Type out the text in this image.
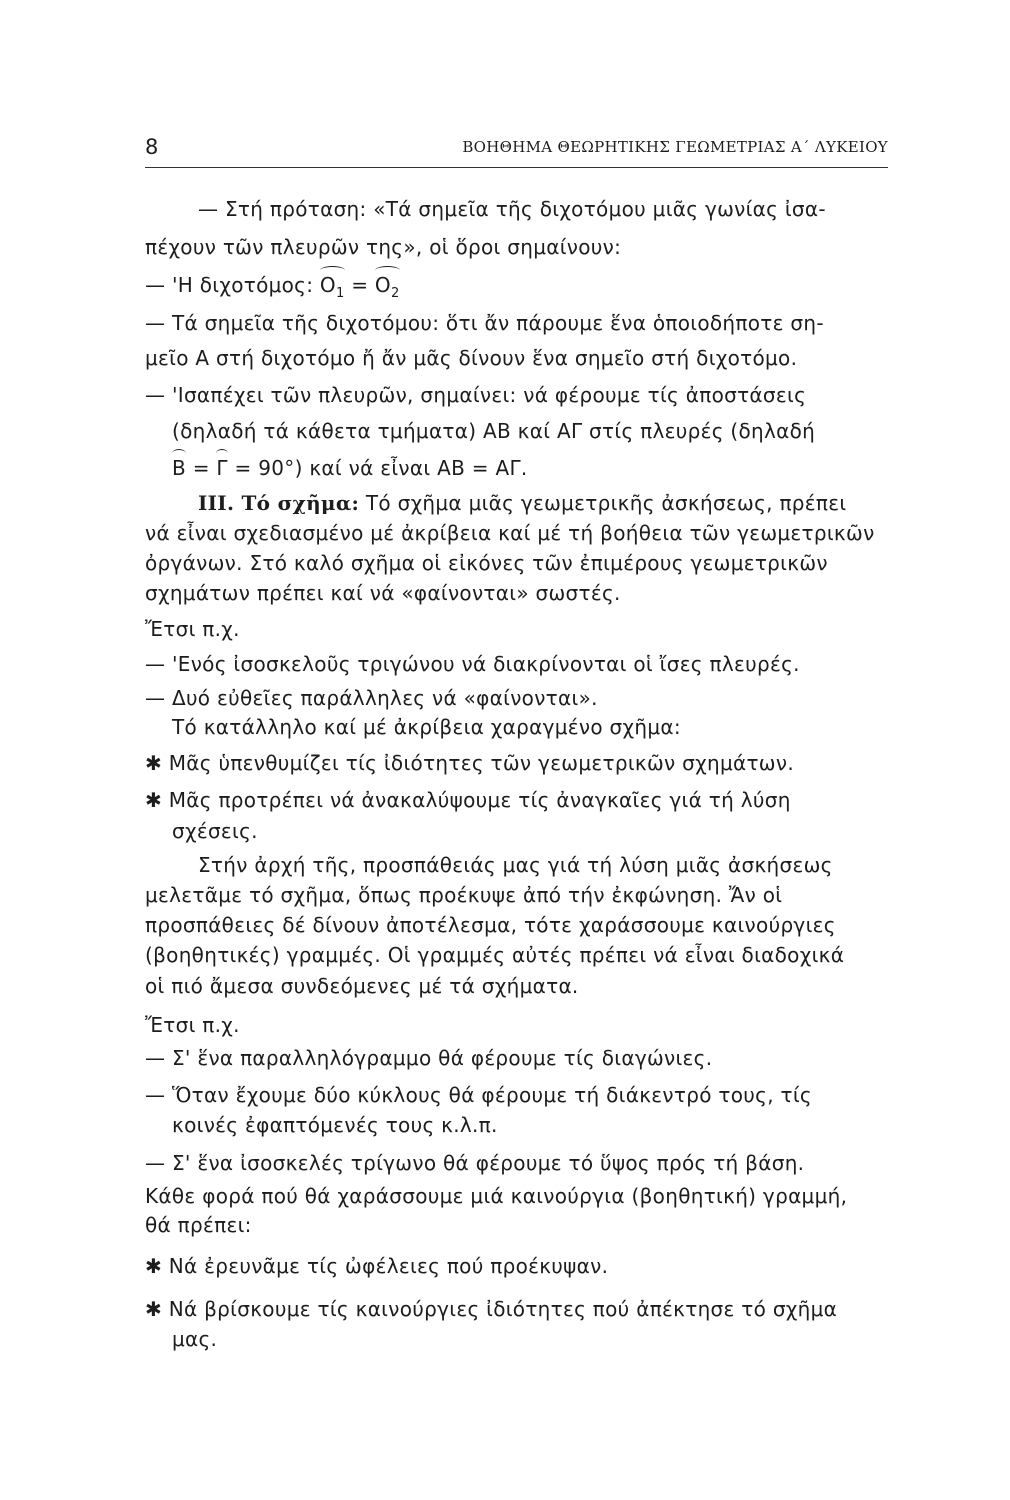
8	ΒΟΗΘΗΜΑ ΘΕΩΡΗΤΙΚΗΣ ΓΕΩΜΕΤΡΙΑΣ Α΄ ΛΥΚΕΙΟΥ
— Στή πρόταση: «Τά σημεῖα τῆς διχοτόμου μιᾶς γωνίας ἰσα-
πέχουν τῶν πλευρῶν της», οἱ ὅροι σημαίνουν:
— 'Η διχοτόμος: $O_1 = O_2$
— Τά σημεῖα τῆς διχοτόμου: ὅτι ἄν πάρουμε ἕνα ὁποιοδήποτε ση-
μεῖο Α στή διχοτόμο ἤ ἄν μᾶς δίνουν ἕνα σημεῖο στή διχοτόμο.
— 'Ισαπέχει τῶν πλευρῶν, σημαίνει: νά φέρουμε τίς ἀποστάσεις
(δηλαδή τά κάθετα τμήματα) ΑΒ καί ΑΓ στίς πλευρές (δηλαδή
B = Γ = 90°) καί νά εἶναι ΑΒ = ΑΓ.
III. Τό σχῆμα: Τό σχῆμα μιᾶς γεωμετρικῆς ἀσκήσεως, πρέπει
νά εἶναι σχεδιασμένο μέ ἀκρίβεια καί μέ τή βοήθεια τῶν γεωμετρικῶν
ὀργάνων. Στό καλό σχῆμα οἱ εἰκόνες τῶν ἐπιμέρους γεωμετρικῶν
σχημάτων πρέπει καί νά «φαίνονται» σωστές.
Ἔτσι π.χ.
— 'Ενός ἰσοσκελοῦς τριγώνου νά διακρίνονται οἱ ἴσες πλευρές.
— Δυό εὐθεῖες παράλληλες νά «φαίνονται».
Τό κατάλληλο καί μέ ἀκρίβεια χαραγμένο σχῆμα:
✱ Μᾶς ὑπενθυμίζει τίς ἰδιότητες τῶν γεωμετρικῶν σχημάτων.
✱ Μᾶς προτρέπει νά ἀνακαλύψουμε τίς ἀναγκαῖες γιά τή λύση
σχέσεις.
Στήν ἀρχή τῆς, προσπάθειάς μας γιά τή λύση μιᾶς ἀσκήσεως
μελετᾶμε τό σχῆμα, ὅπως προέκυψε ἀπό τήν ἐκφώνηση. Ἄν οἱ
προσπάθειες δέ δίνουν ἀποτέλεσμα, τότε χαράσσουμε καινούργιες
(βοηθητικές) γραμμές. Οἱ γραμμές αὐτές πρέπει νά εἶναι διαδοχικά
οἱ πιό ἄμεσα συνδεόμενες μέ τά σχήματα.
Ἔτσι π.χ.
— Σ' ἕνα παραλληλόγραμμο θά φέρουμε τίς διαγώνιες.
— Ὅταν ἔχουμε δύο κύκλους θά φέρουμε τή διάκεντρό τους, τίς
κοινές ἐφαπτόμενές τους κ.λ.π.
— Σ' ἕνα ἰσοσκελές τρίγωνο θά φέρουμε τό ὕψος πρός τή βάση.
Κάθε φορά πού θά χαράσσουμε μιά καινούργια (βοηθητική) γραμμή,
θά πρέπει:
✱ Νά ἐρευνᾶμε τίς ὠφέλειες πού προέκυψαν.
✱ Νά βρίσκουμε τίς καινούργιες ἰδιότητες πού ἀπέκτησε τό σχῆμα
μας.
